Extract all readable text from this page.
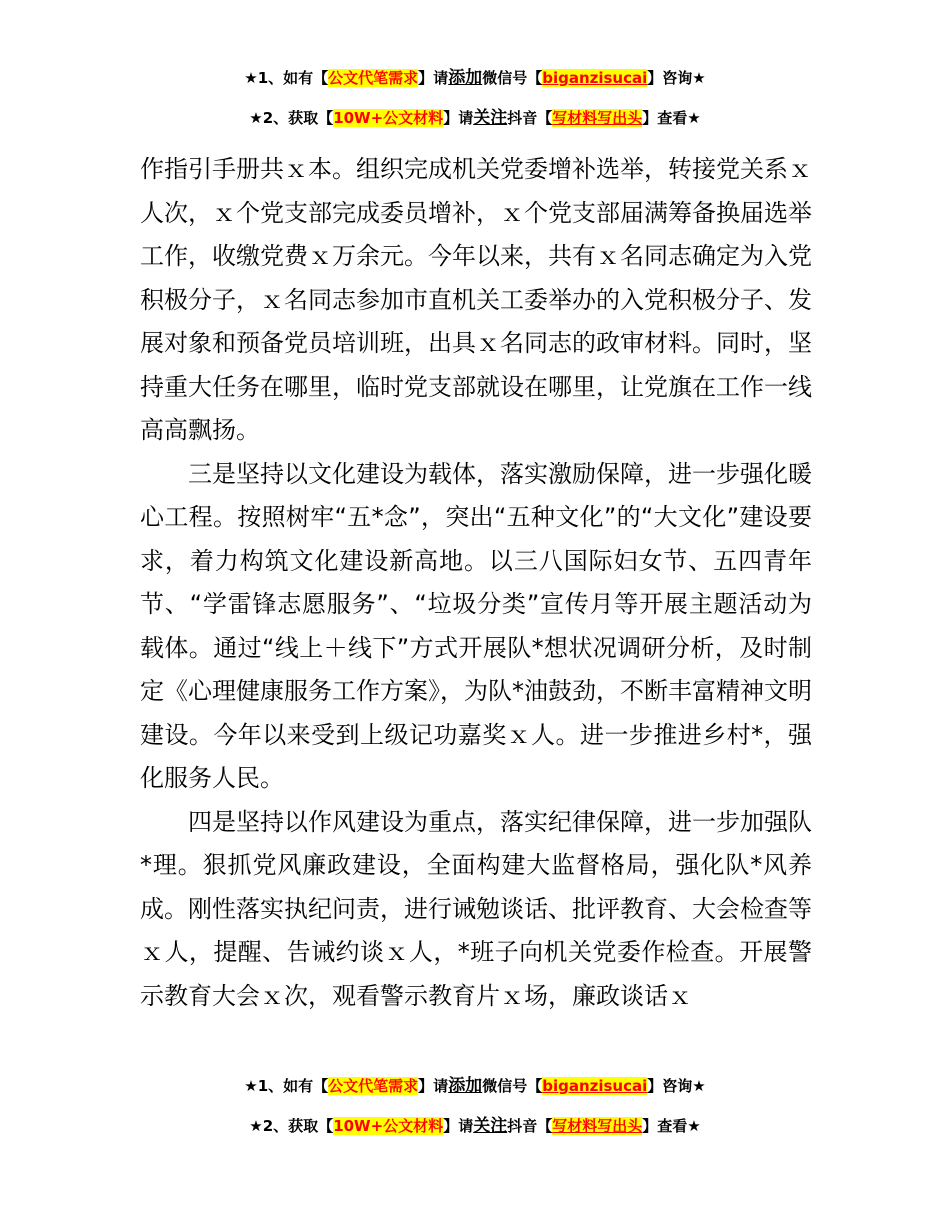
★1、如有【公文代笔需求】请添加微信号【biganzisucai】咨询★
★2、获取【10W+公文材料】请关注抖音【写材料写出头】查看★

作指引手册共ｘ本。组织完成机关党委增补选举，转接党关系ｘ人次，ｘ个党支部完成委员增补，ｘ个党支部届满筹备换届选举工作，收缴党费ｘ万余元。今年以来，共有ｘ名同志确定为入党积极分子，ｘ名同志参加市直机关工委举办的入党积极分子、发展对象和预备党员培训班，出具ｘ名同志的政审材料。同时，坚持重大任务在哪里，临时党支部就设在哪里，让党旗在工作一线高高飘扬。

三是坚持以文化建设为载体，落实激励保障，进一步强化暖心工程。按照树牢“五*念”，突出“五种文化”的“大文化”建设要求，着力构筑文化建设新高地。以三八国际妇女节、五四青年节、“学雷锋志愿服务”、“垃圾分类”宣传月等开展主题活动为载体。通过“线上＋线下”方式开展队*想状况调研分析，及时制定《心理健康服务工作方案》，为队*油鼓劲，不断丰富精神文明建设。今年以来受到上级记功嘉奖ｘ人。进一步推进乡村*，强化服务人民。

四是坚持以作风建设为重点，落实纪律保障，进一步加强队*理。狠抓党风廉政建设，全面构建大监督格局，强化队*风养成。刚性落实执纪问责，进行诫勉谈话、批评教育、大会检查等ｘ人，提醒、告诫约谈ｘ人，*班子向机关党委作检查。开展警示教育大会ｘ次，观看警示教育片ｘ场，廉政谈话ｘ

★1、如有【公文代笔需求】请添加微信号【biganzisucai】咨询★
★2、获取【10W+公文材料】请关注抖音【写材料写出头】查看★
